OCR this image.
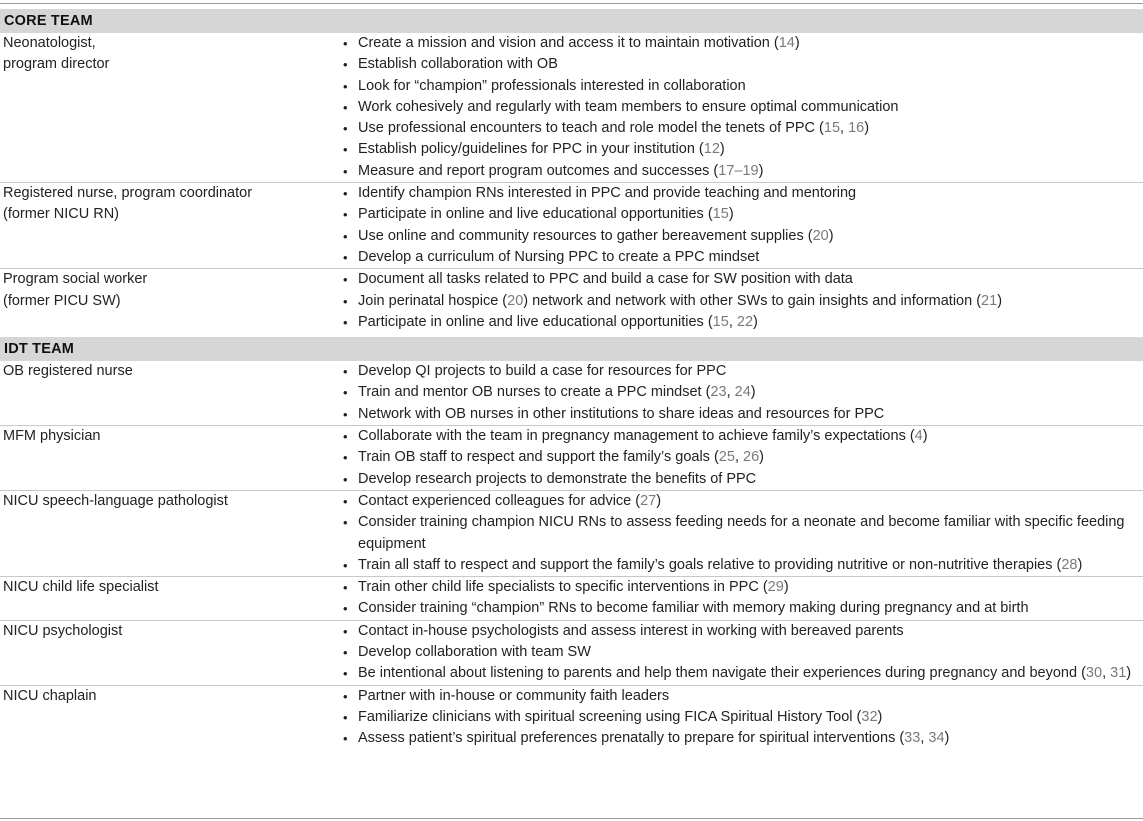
CORE TEAM
Neonatologist,
program director
• Create a mission and vision and access it to maintain motivation (14)
• Establish collaboration with OB
• Look for “champion” professionals interested in collaboration
• Work cohesively and regularly with team members to ensure optimal communication
• Use professional encounters to teach and role model the tenets of PPC (15, 16)
• Establish policy/guidelines for PPC in your institution (12)
• Measure and report program outcomes and successes (17–19)
Registered nurse, program coordinator
(former NICU RN)
• Identify champion RNs interested in PPC and provide teaching and mentoring
• Participate in online and live educational opportunities (15)
• Use online and community resources to gather bereavement supplies (20)
• Develop a curriculum of Nursing PPC to create a PPC mindset
Program social worker
(former PICU SW)
• Document all tasks related to PPC and build a case for SW position with data
• Join perinatal hospice (20) network and network with other SWs to gain insights and information (21)
• Participate in online and live educational opportunities (15, 22)
IDT TEAM
OB registered nurse	• Develop QI projects to build a case for resources for PPC
• Train and mentor OB nurses to create a PPC mindset (23, 24)
• Network with OB nurses in other institutions to share ideas and resources for PPC
MFM physician	• Collaborate with the team in pregnancy management to achieve family’s expectations (4)
• Train OB staff to respect and support the family’s goals (25, 26)
• Develop research projects to demonstrate the benefits of PPC
NICU speech-language pathologist	• Contact experienced colleagues for advice (27)
• Consider training champion NICU RNs to assess feeding needs for a neonate and become familiar with specific feeding equipment
• Train all staff to respect and support the family’s goals relative to providing nutritive or non-nutritive therapies (28)
NICU child life specialist	• Train other child life specialists to specific interventions in PPC (29)
• Consider training “champion” RNs to become familiar with memory making during pregnancy and at birth
NICU psychologist	• Contact in-house psychologists and assess interest in working with bereaved parents
• Develop collaboration with team SW
• Be intentional about listening to parents and help them navigate their experiences during pregnancy and beyond (30, 31)
NICU chaplain	• Partner with in-house or community faith leaders
• Familiarize clinicians with spiritual screening using FICA Spiritual History Tool (32)
• Assess patient’s spiritual preferences prenatally to prepare for spiritual interventions (33, 34)
